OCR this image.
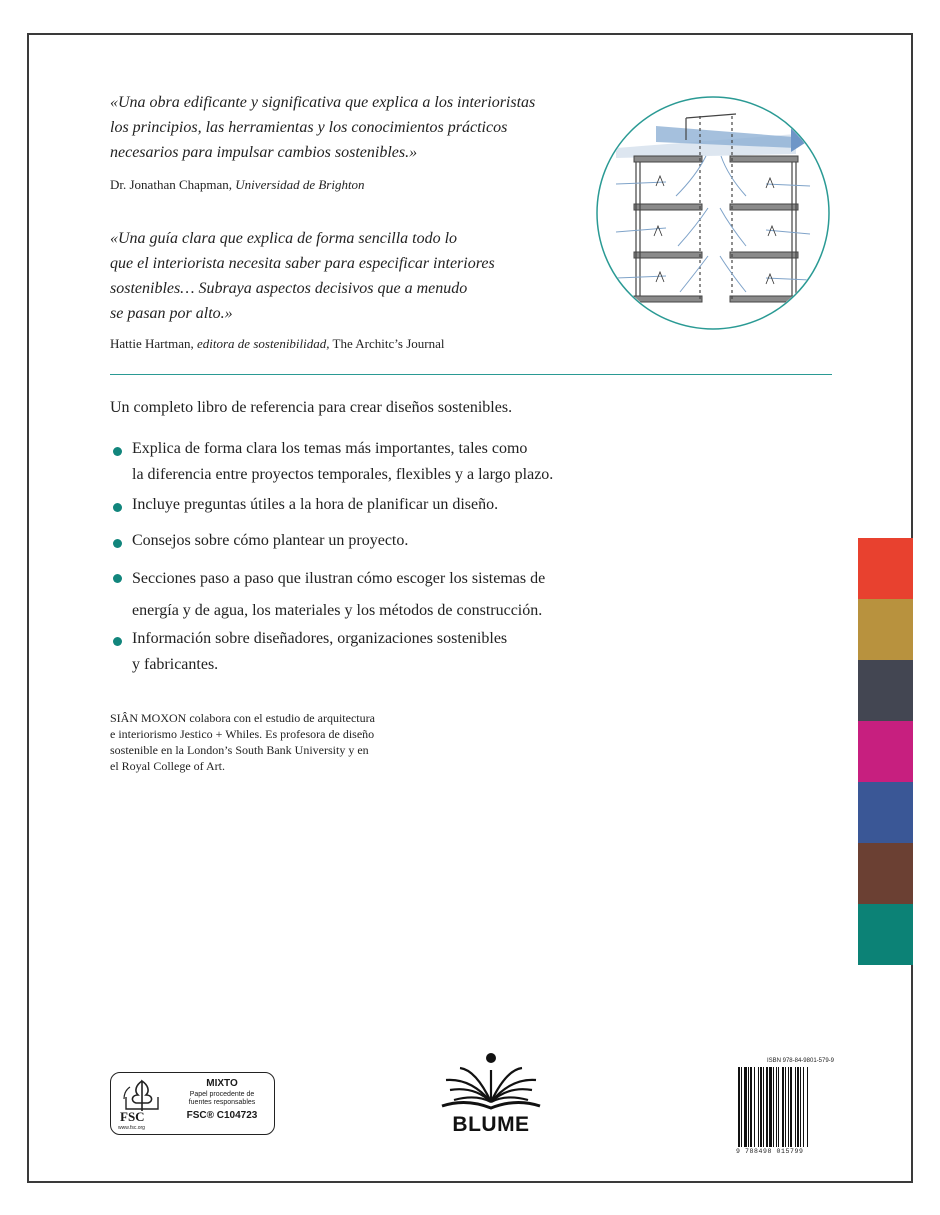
«Una obra edificante y significativa que explica a los interioristas
los principios, las herramientas y los conocimientos prácticos
necesarios para impulsar cambios sostenibles.»
Dr. Jonathan Chapman, Universidad de Brighton
«Una guía clara que explica de forma sencilla todo lo
que el interiorista necesita saber para especificar interiores
sostenibles… Subraya aspectos decisivos que a menudo
se pasan por alto.»
Hattie Hartman, editora de sostenibilidad, The Architc’s Journal
Un completo libro de referencia para crear diseños sostenibles.
Explica de forma clara los temas más importantes, tales como
la diferencia entre proyectos temporales, flexibles y a largo plazo.
Incluye preguntas útiles a la hora de planificar un diseño.
Consejos sobre cómo plantear un proyecto.
Secciones paso a paso que ilustran cómo escoger los sistemas de
energía y de agua, los materiales y los métodos de construcción.
Información sobre diseñadores, organizaciones sostenibles
y fabricantes.
SIÂN MOXON colabora con el estudio de arquitectura
e interiorismo Jestico + Whiles. Es profesora de diseño
sostenible en la London’s South Bank University y en
el Royal College of Art.
FSC
www.fsc.org
MIXTO
Papel procedente de
fuentes responsables
FSC® C104723	BLUME
ISBN 978-84-9801-579-9
9 788498 015799
